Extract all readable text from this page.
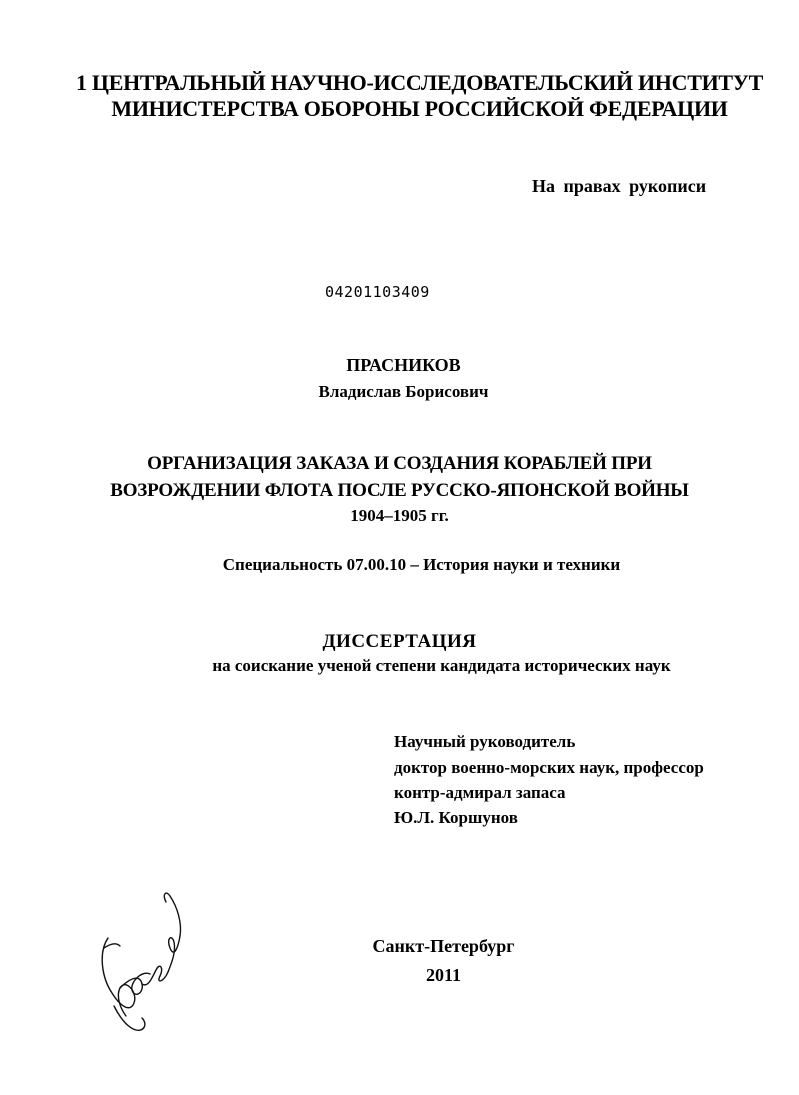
1 ЦЕНТРАЛЬНЫЙ НАУЧНО-ИССЛЕДОВАТЕЛЬСКИЙ ИНСТИТУТ
МИНИСТЕРСТВА ОБОРОНЫ РОССИЙСКОЙ ФЕДЕРАЦИИ
На правах рукописи
04201103409
ПРАСНИКОВ
Владислав Борисович
ОРГАНИЗАЦИЯ ЗАКАЗА И СОЗДАНИЯ КОРАБЛЕЙ ПРИ
ВОЗРОЖДЕНИИ ФЛОТА ПОСЛЕ РУССКО-ЯПОНСКОЙ ВОЙНЫ
1904–1905 гг.
Специальность 07.00.10 – История науки и техники
ДИССЕРТАЦИЯ
на соискание ученой степени кандидата исторических наук
Научный руководитель
доктор военно-морских наук, профессор
контр-адмирал запаса
Ю.Л. Коршунов
Санкт-Петербург
2011
